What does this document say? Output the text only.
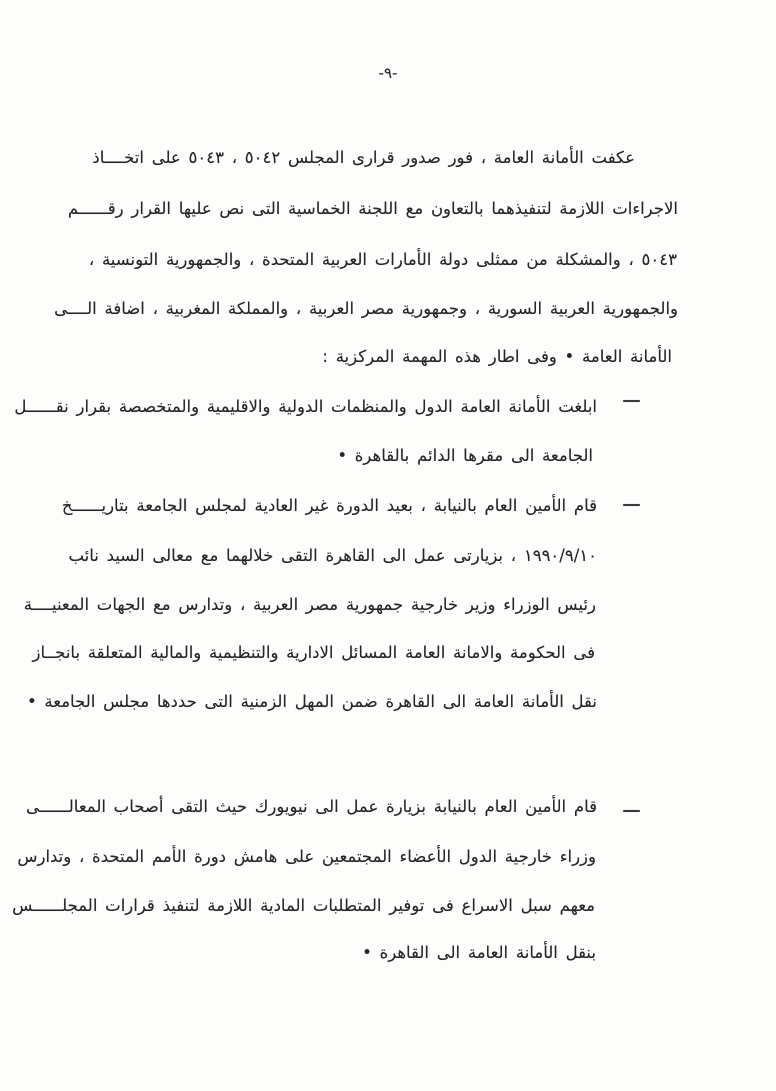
-٩-
عكفت الأمانة العامة ، فور صدور قرارى المجلس ٥٠٤٢ ، ٥٠٤٣ على اتخــــاذ
الاجراءات اللازمة لتنفيذهما بالتعاون مع اللجنة الخماسية التى نص عليها القرار رقــــــم
٥٠٤٣ ، والمشكلة من ممثلى دولة الأمارات العربية المتحدة ، والجمهورية التونسية ،
والجمهورية العربية السورية ، وجمهورية مصر العربية ، والمملكة المغربية ، اضافة الــــى
الأمانة العامة • وفى اطار هذه المهمة المركزية :
ابلغت الأمانة العامة الدول والمنظمات الدولية والاقليمية والمتخصصة بقرار نقــــــل
الجامعة الى مقرها الدائم بالقاهرة •
قام الأمين العام بالنيابة ، بعيد الدورة غير العادية لمجلس الجامعة بتاريــــــخ
١٩٩٠/٩/١٠ ، بزيارتى عمل الى القاهرة التقى خلالهما مع معالى السيد نائب
رئيس الوزراء وزير خارجية جمهورية مصر العربية ، وتدارس مع الجهات المعنيــــة
فى الحكومة والامانة العامة المسائل الادارية والتنظيمية والمالية المتعلقة بانجــاز
نقل الأمانة العامة الى القاهرة ضمن المهل الزمنية التى حددها مجلس الجامعة •
قام الأمين العام بالنيابة بزيارة عمل الى نيويورك حيث التقى أصحاب المعالــــــى
وزراء خارجية الدول الأعضاء المجتمعين على هامش دورة الأمم المتحدة ، وتدارس
معهم سبل الاسراع فى توفير المتطلبات المادية اللازمة لتنفيذ قرارات المجلــــــس
بنقل الأمانة العامة الى القاهرة •
